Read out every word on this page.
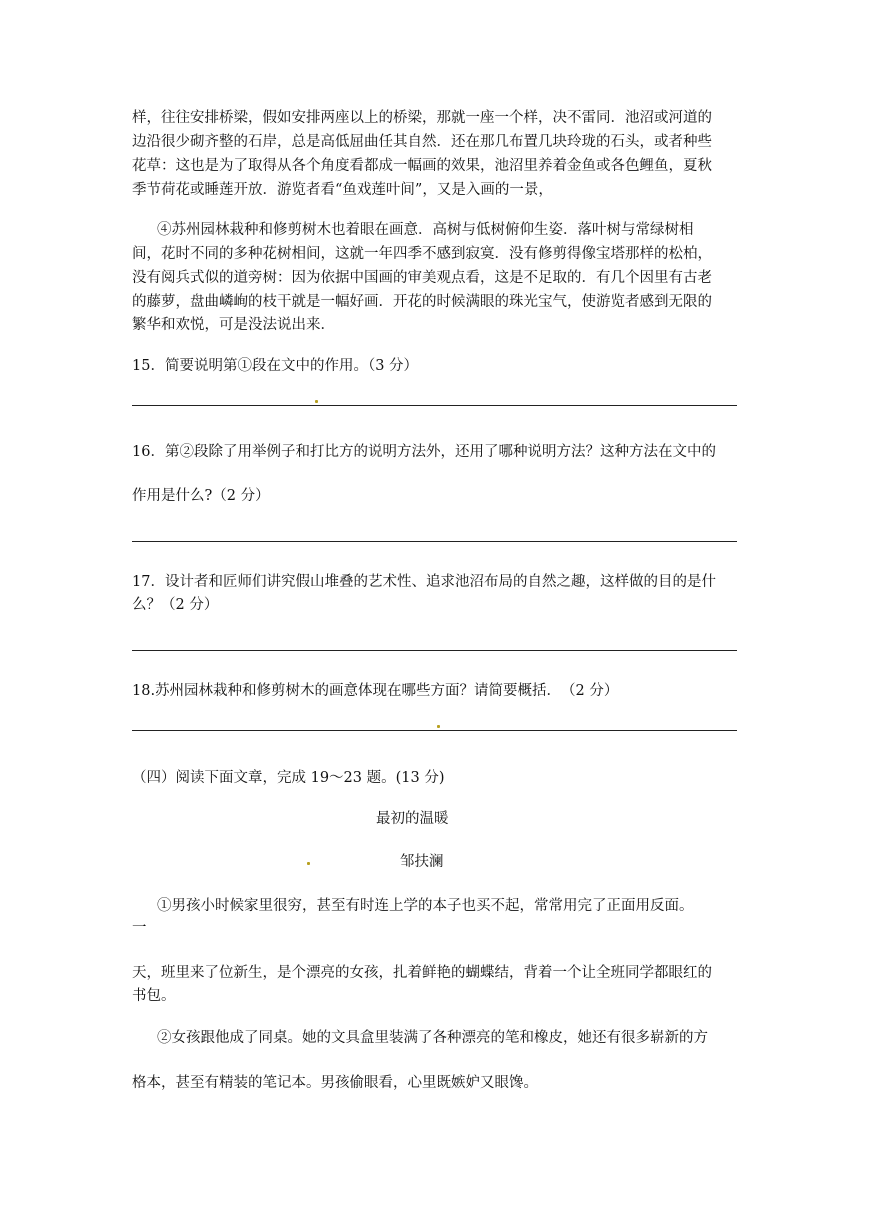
样，往往安排桥梁，假如安排两座以上的桥梁，那就一座一个样，决不雷同．池沼或河道的
边沿很少砌齐整的石岸，总是高低屈曲任其自然．还在那几布置几块玲珑的石头，或者种些
花草：这也是为了取得从各个角度看都成一幅画的效果，池沼里养着金鱼或各色鲤鱼，夏秋
季节荷花或睡莲开放．游览者看“鱼戏莲叶间”，又是入画的一景，
④苏州园林栽种和修剪树木也着眼在画意．高树与低树俯仰生姿．落叶树与常绿树相
间，花时不同的多种花树相间，这就一年四季不感到寂寞．没有修剪得像宝塔那样的松柏，
没有阅兵式似的道旁树：因为依据中国画的审美观点看，这是不足取的．有几个因里有古老
的藤萝，盘曲嶙峋的枝干就是一幅好画．开花的时候满眼的珠光宝气，使游览者感到无限的
繁华和欢悦，可是没法说出来．
15．简要说明第①段在文中的作用。（3 分）
16．第②段除了用举例子和打比方的说明方法外，还用了哪种说明方法？这种方法在文中的
作用是什么?（2 分）
17．设计者和匠师们讲究假山堆叠的艺术性、追求池沼布局的自然之趣，这样做的目的是什
么？（2 分）
18.苏州园林栽种和修剪树木的画意体现在哪些方面？请简要概括．　（2 分）
（四）阅读下面文章，完成 19～23 题。(13 分)
最初的温暖
邹扶澜
①男孩小时候家里很穷，甚至有时连上学的本子也买不起，常常用完了正面用反面。
一
天，班里来了位新生，是个漂亮的女孩，扎着鲜艳的蝴蝶结，背着一个让全班同学都眼红的
书包。
②女孩跟他成了同桌。她的文具盒里装满了各种漂亮的笔和橡皮，她还有很多崭新的方
格本，甚至有精装的笔记本。男孩偷眼看，心里既嫉妒又眼馋。
